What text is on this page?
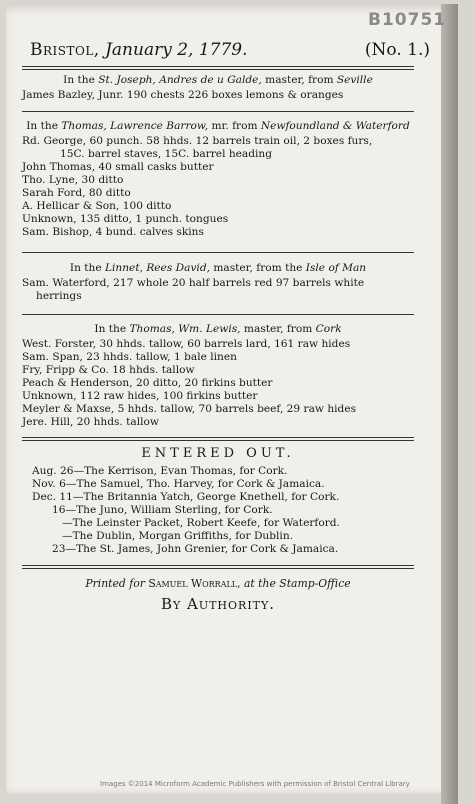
B10751
Bristol, January 2, 1779.	(No. 1.)
In the St. Joseph, Andres de u Galde, master, from Seville
James Bazley, Junr. 190 chests 226 boxes lemons & oranges
In the Thomas, Lawrence Barrow, mr. from Newfoundland & Waterford
Rd. George, 60 punch. 58 hhds. 12 barrels train oil, 2 boxes furs,
15C. barrel staves, 15C. barrel heading
John Thomas, 40 small casks butter
Tho. Lyne, 30 ditto
Sarah Ford, 80 ditto
A. Hellicar & Son, 100 ditto
Unknown, 135 ditto, 1 punch. tongues
Sam. Bishop, 4 bund. calves skins
In the Linnet, Rees David, master, from the Isle of Man
Sam. Waterford, 217 whole 20 half barrels red 97 barrels white
herrings
In the Thomas, Wm. Lewis, master, from Cork
West. Forster, 30 hhds. tallow, 60 barrels lard, 161 raw hides
Sam. Span, 23 hhds. tallow, 1 bale linen
Fry, Fripp & Co. 18 hhds. tallow
Peach & Henderson, 20 ditto, 20 firkins butter
Unknown, 112 raw hides, 100 firkins butter
Meyler & Maxse, 5 hhds. tallow, 70 barrels beef, 29 raw hides
Jere. Hill, 20 hhds. tallow
ENTERED OUT.
Aug. 26—The Kerrison, Evan Thomas, for Cork.
Nov. 6—The Samuel, Tho. Harvey, for Cork & Jamaica.
Dec. 11—The Britannia Yatch, George Knethell, for Cork.
16—The Juno, William Sterling, for Cork.
—The Leinster Packet, Robert Keefe, for Waterford.
—The Dublin, Morgan Griffiths, for Dublin.
23—The St. James, John Grenier, for Cork & Jamaica.
Printed for Samuel Worrall, at the Stamp-Office
By Authority.
Images ©2014 Microform Academic Publishers with permission of Bristol Central Library
